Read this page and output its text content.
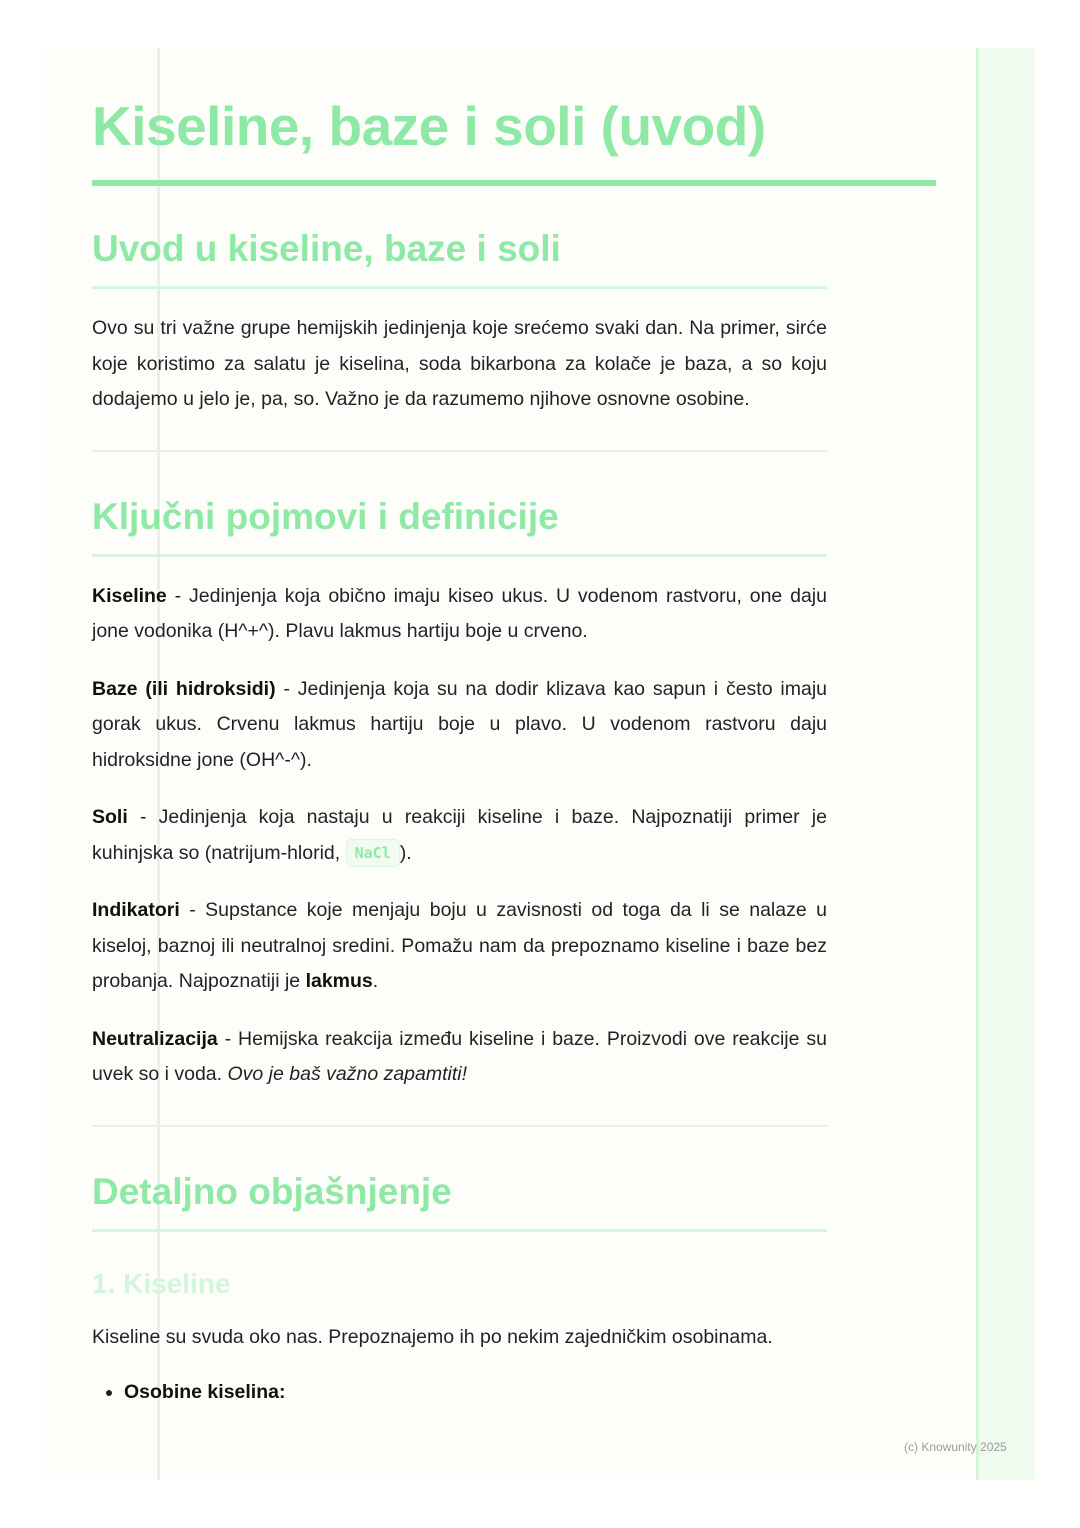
Kiseline, baze i soli (uvod)
Uvod u kiseline, baze i soli

Ovo su tri važne grupe hemijskih jedinjenja koje srećemo svaki dan. Na primer, sirće koje koristimo za salatu je kiselina, soda bikarbona za kolače je baza, a so koju dodajemo u jelo je, pa, so. Važno je da razumemo njihove osnovne osobine.

Ključni pojmovi i definicije

Kiseline - Jedinjenja koja obično imaju kiseo ukus. U vodenom rastvoru, one daju jone vodonika (H^+^). Plavu lakmus hartiju boje u crveno.

Baze (ili hidroksidi) - Jedinjenja koja su na dodir klizava kao sapun i često imaju gorak ukus. Crvenu lakmus hartiju boje u plavo. U vodenom rastvoru daju hidroksidne jone (OH^-^).

Soli - Jedinjenja koja nastaju u reakciji kiseline i baze. Najpoznatiji primer je kuhinjska so (natrijum-hlorid, NaCl ).

Indikatori - Supstance koje menjaju boju u zavisnosti od toga da li se nalaze u kiseloj, baznoj ili neutralnoj sredini. Pomažu nam da prepoznamo kiseline i baze bez probanja. Najpoznatiji je lakmus.

Neutralizacija - Hemijska reakcija između kiseline i baze. Proizvodi ove reakcije su uvek so i voda. Ovo je baš važno zapamtiti!

Detaljno objašnjenje
1. Kiseline

Kiseline su svuda oko nas. Prepoznajemo ih po nekim zajedničkim osobinama.

• Osobine kiselina:
(c) Knowunity 2025
